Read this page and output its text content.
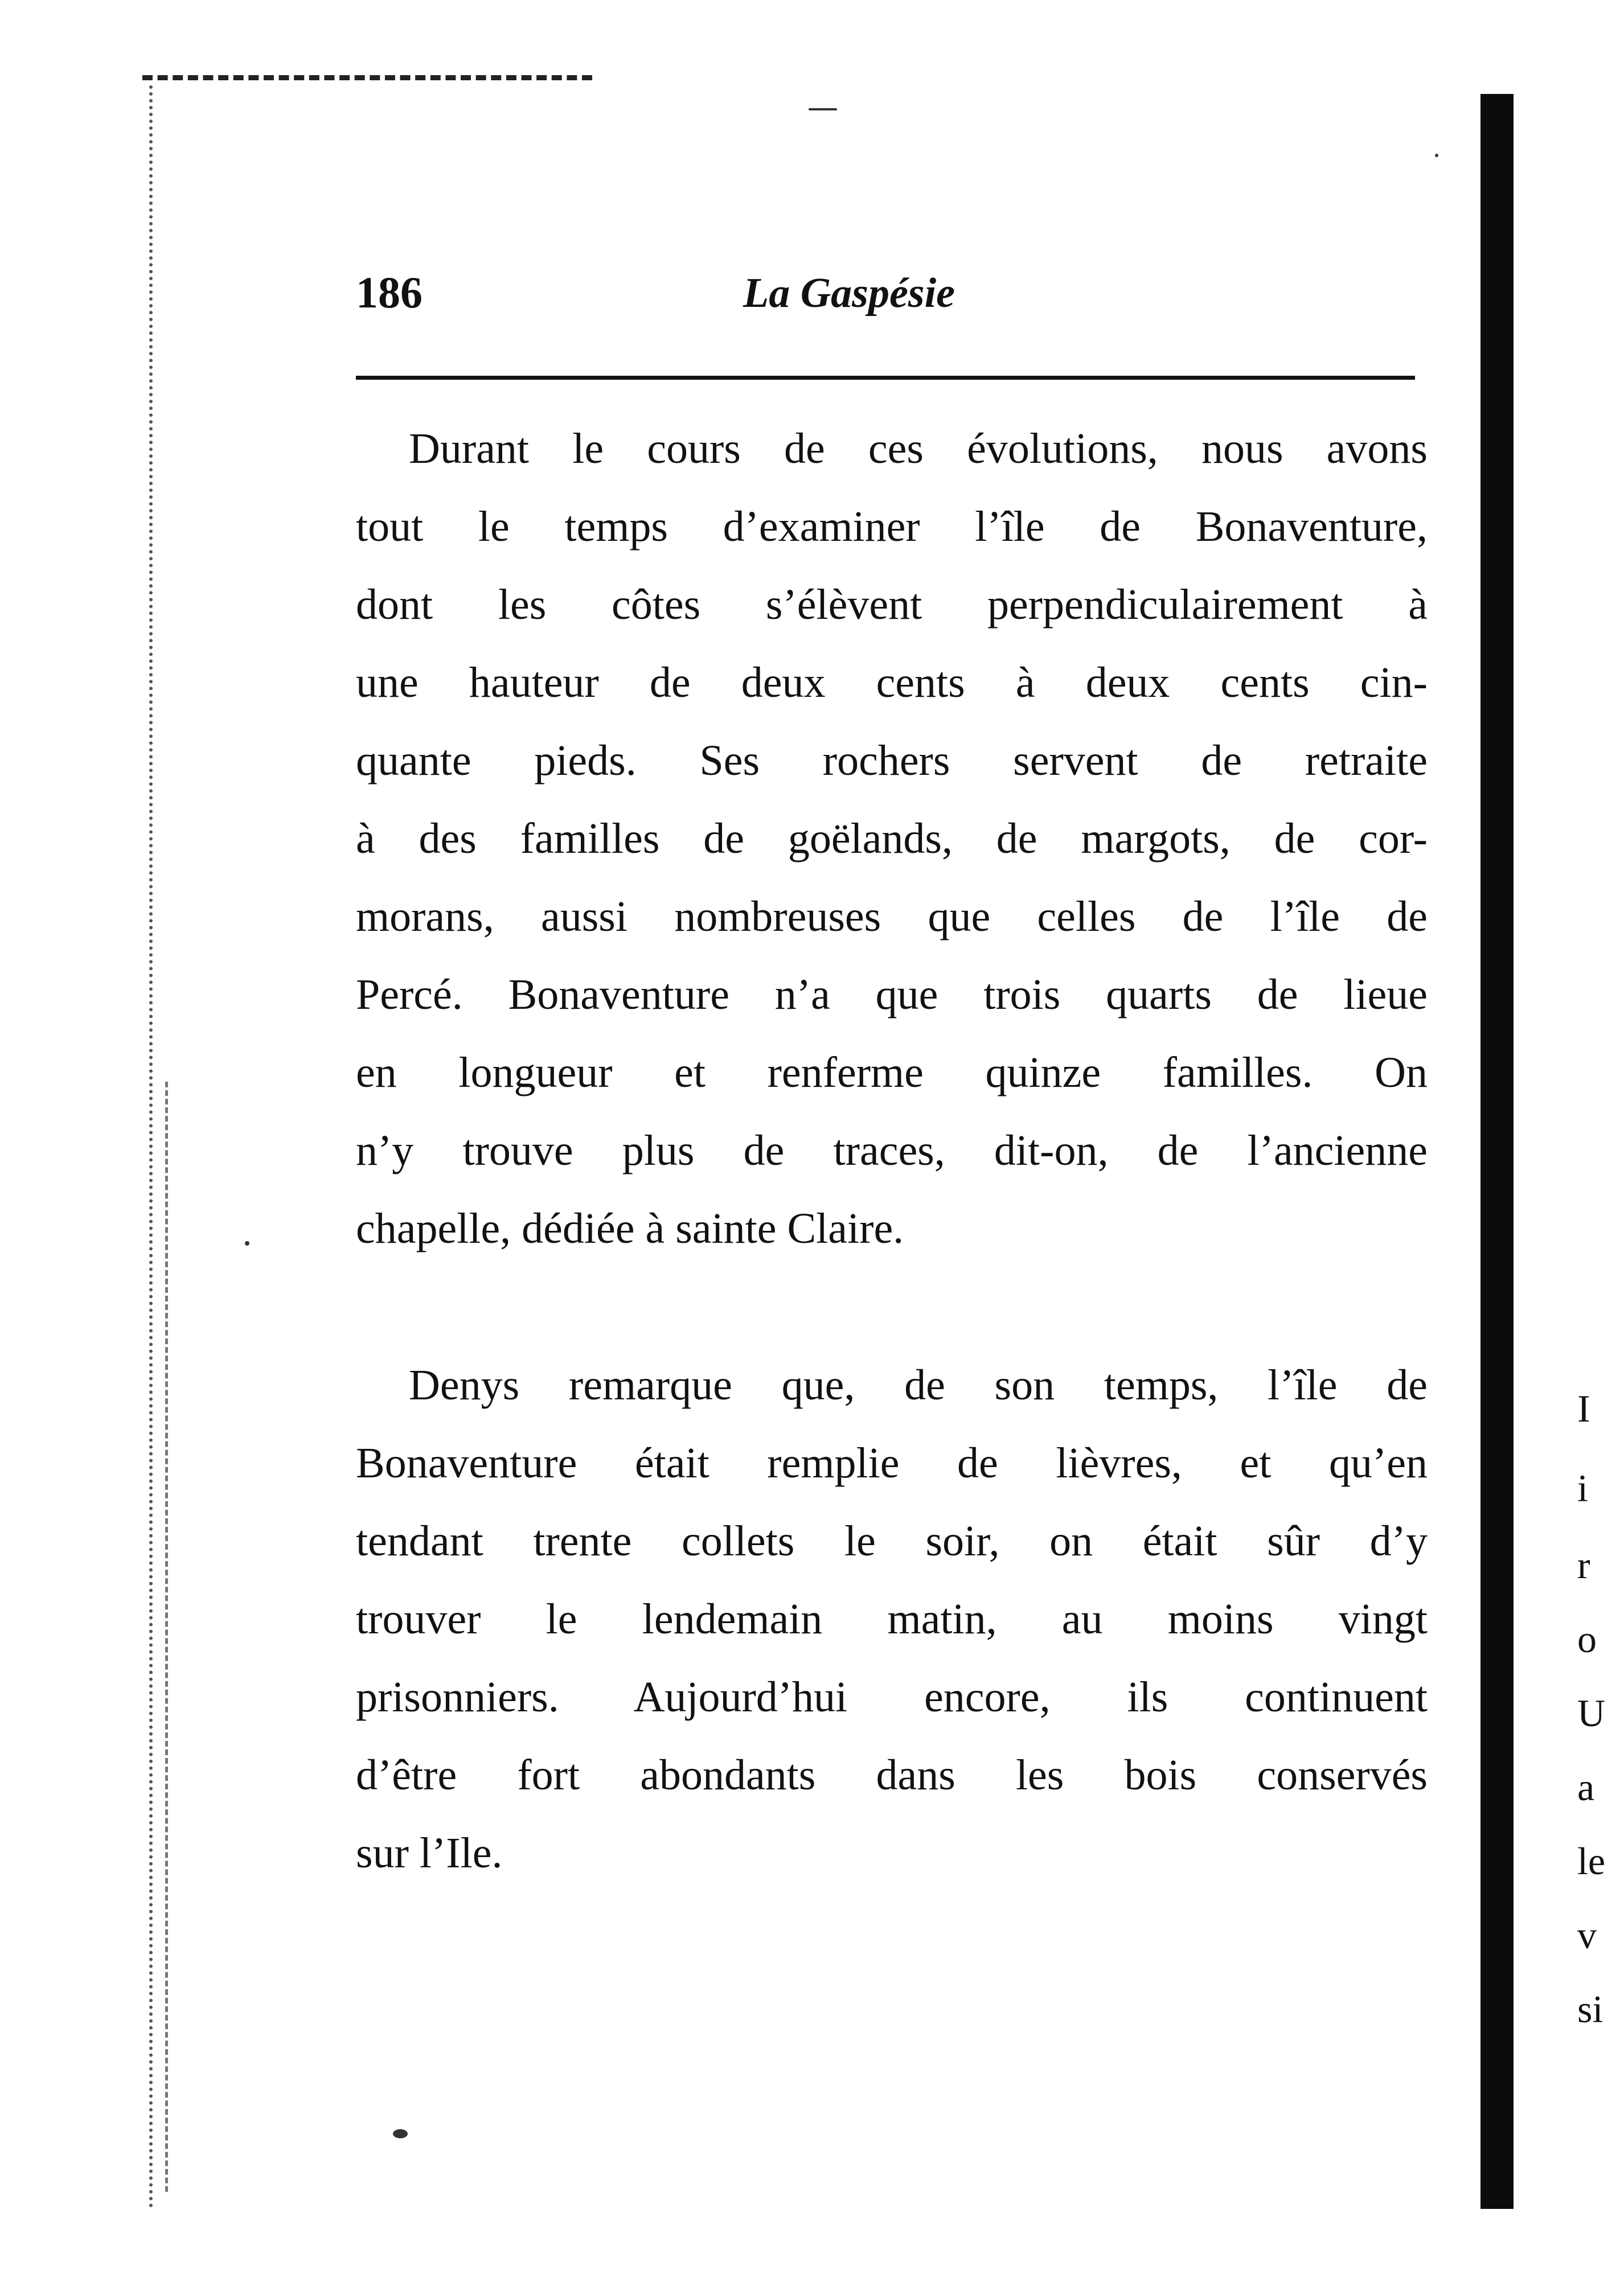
186	La Gaspésie
Durant le cours de ces évolutions, nous avons
tout le temps d’examiner l’île de Bonaventure,
dont les côtes s’élèvent perpendiculairement à
une hauteur de deux cents à deux cents cin-
quante pieds. Ses rochers servent de retraite
à des familles de goëlands, de margots, de cor-
morans, aussi nombreuses que celles de l’île de
Percé. Bonaventure n’a que trois quarts de lieue
en longueur et renferme quinze familles. On
n’y trouve plus de traces, dit-on, de l’ancienne
chapelle, dédiée à sainte Claire.
Denys remarque que, de son temps, l’île de
Bonaventure était remplie de lièvres, et qu’en
tendant trente collets le soir, on était sûr d’y
trouver le lendemain matin, au moins vingt
prisonniers. Aujourd’hui encore, ils continuent
d’être fort abondants dans les bois conservés
sur l’Ile.
I
i
r
o
U
a
le
v
si
